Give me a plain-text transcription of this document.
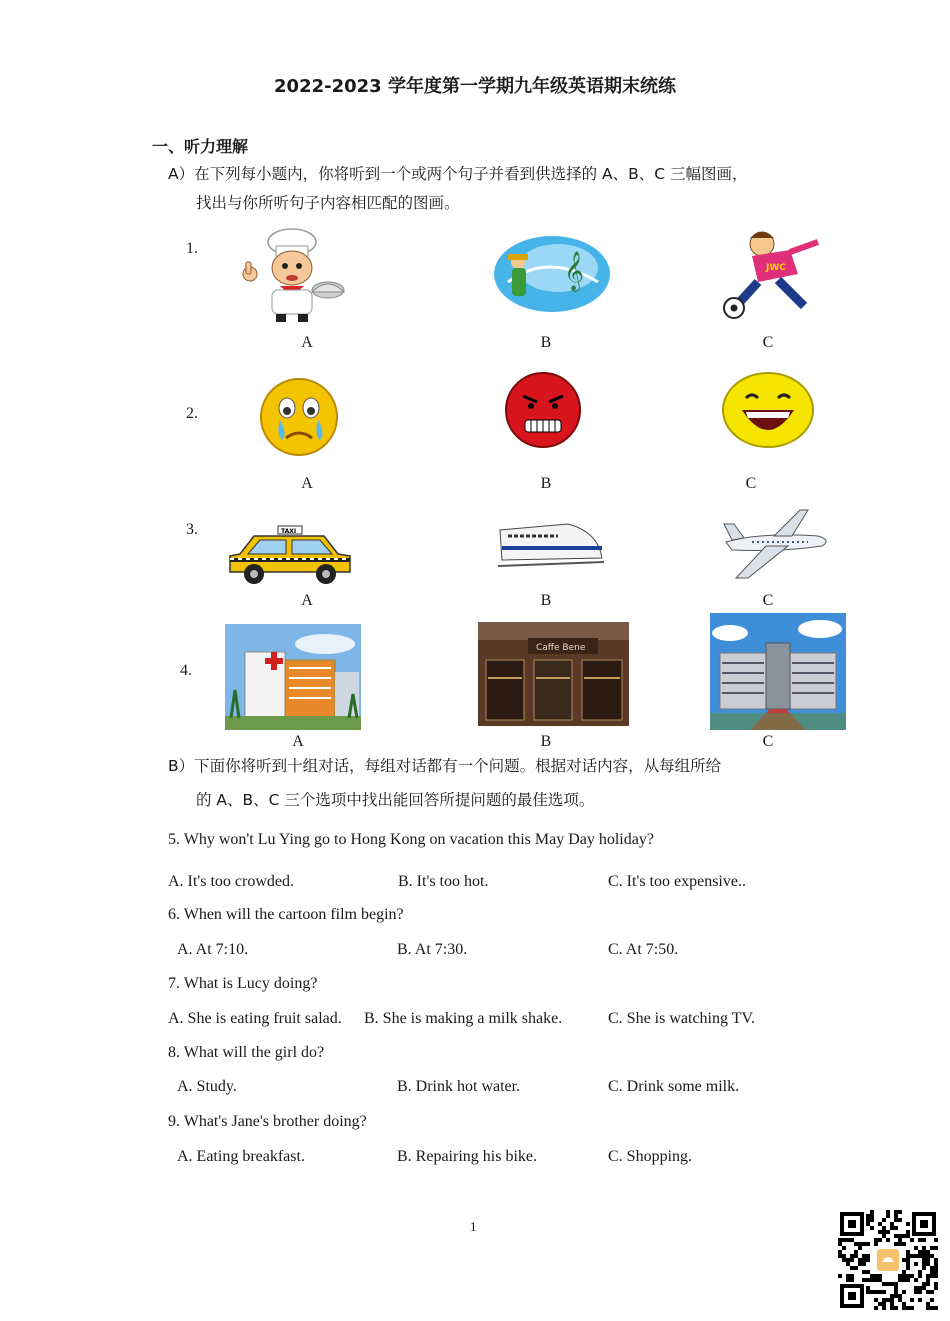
2022-2023 学年度第一学期九年级英语期末统练
一、听力理解
A）在下列每小题内，你将听到一个或两个句子并看到供选择的 A、B、C 三幅图画，
找出与你所听句子内容相匹配的图画。
1.
𝄞	JWC
A	B	C
2.
A	B	C
3.	TAXI
A	B	C
4.
Caffe Bene
A	B	C
B）下面你将听到十组对话，每组对话都有一个问题。根据对话内容，从每组所给
的 A、B、C 三个选项中找出能回答所提问题的最佳选项。
5. Why won't Lu Ying go to Hong Kong on vacation this May Day holiday?
A. It's too crowded.	B. It's too hot.	C. It's too expensive..
6. When will the cartoon film begin?
A. At 7:10.	B. At 7:30.	C. At 7:50.
7. What is Lucy doing?
A. She is eating fruit salad. B. She is making a milk shake.	C. She is watching TV.
8. What will the girl do?
A. Study.	B. Drink hot water.	C. Drink some milk.
9. What's Jane's brother doing?
A. Eating breakfast.	B. Repairing his bike.	C. Shopping.
1
